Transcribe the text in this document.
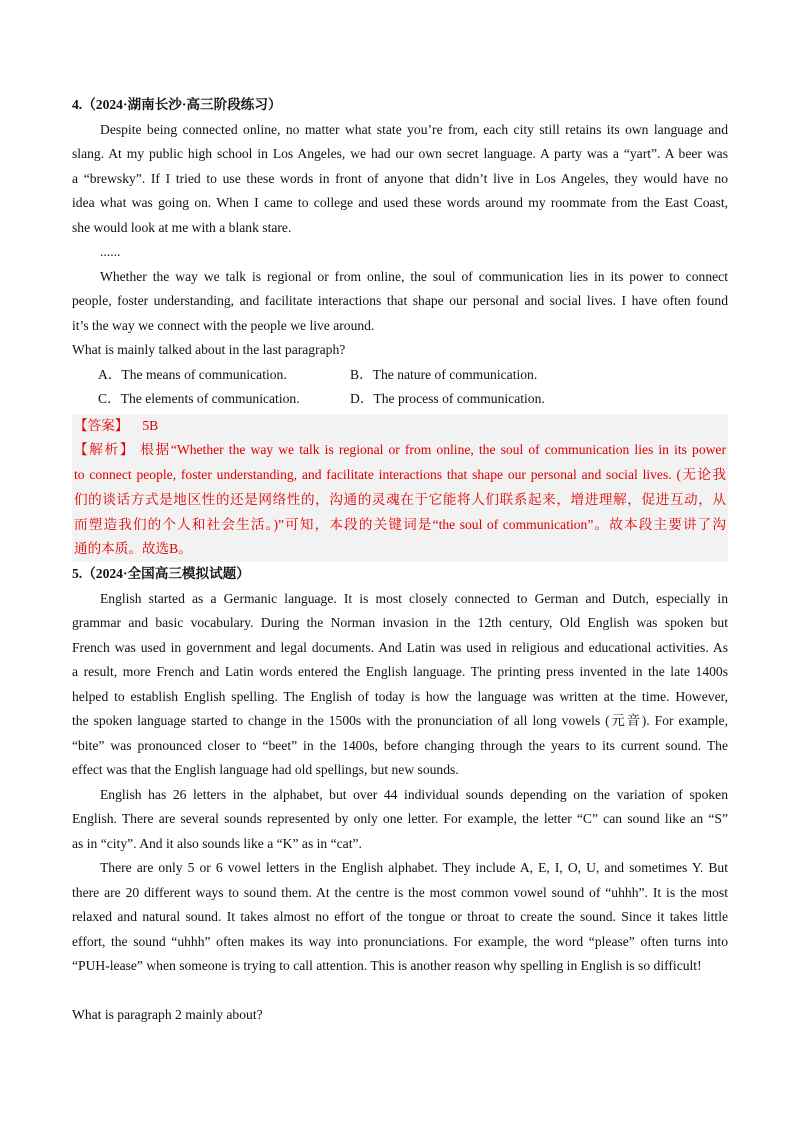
4.（2024·湖南长沙·高三阶段练习）
Despite being connected online, no matter what state you’re from, each city still retains its own language and
slang. At my public high school in Los Angeles, we had our own secret language. A party was a “yart”. A beer was
a “brewsky”. If I tried to use these words in front of anyone that didn’t live in Los Angeles, they would have no
idea what was going on. When I came to college and used these words around my roommate from the East Coast,
she would look at me with a blank stare.
......
Whether the way we talk is regional or from online, the soul of communication lies in its power to connect
people, foster understanding, and facilitate interactions that shape our personal and social lives. I have often found
it’s the way we connect with the people we live around.
What is mainly talked about in the last paragraph?
A．The means of communication.	B．The nature of communication.
C．The elements of communication.	D．The process of communication.
【答案】 5B
【解析】 根据“Whether the way we talk is regional or from online, the soul of communication lies in its power
to connect people, foster understanding, and facilitate interactions that shape our personal and social lives. (无论我
们的谈话方式是地区性的还是网络性的，沟通的灵魂在于它能将人们联系起来，增进理解，促进互动，从
而塑造我们的个人和社会生活。)”可知，本段的关键词是“the soul of communication”。故本段主要讲了沟
通的本质。故选B。
5.（2024·全国高三模拟试题）
English started as a Germanic language. It is most closely connected to German and Dutch, especially in
grammar and basic vocabulary. During the Norman invasion in the 12th century, Old English was spoken but
French was used in government and legal documents. And Latin was used in religious and educational activities. As
a result, more French and Latin words entered the English language. The printing press invented in the late 1400s
helped to establish English spelling. The English of today is how the language was written at the time. However,
the spoken language started to change in the 1500s with the pronunciation of all long vowels (元音). For example,
“bite” was pronounced closer to “beet” in the 1400s, before changing through the years to its current sound. The
effect was that the English language had old spellings, but new sounds.
English has 26 letters in the alphabet, but over 44 individual sounds depending on the variation of spoken
English. There are several sounds represented by only one letter. For example, the letter “C” can sound like an “S”
as in “city”. And it also sounds like a “K” as in “cat”.
There are only 5 or 6 vowel letters in the English alphabet. They include A, E, I, O, U, and sometimes Y. But
there are 20 different ways to sound them. At the centre is the most common vowel sound of “uhhh”. It is the most
relaxed and natural sound. It takes almost no effort of the tongue or throat to create the sound. Since it takes little
effort, the sound “uhhh” often makes its way into pronunciations. For example, the word “please” often turns into
“PUH-lease” when someone is trying to call attention. This is another reason why spelling in English is so difficult!
What is paragraph 2 mainly about?
